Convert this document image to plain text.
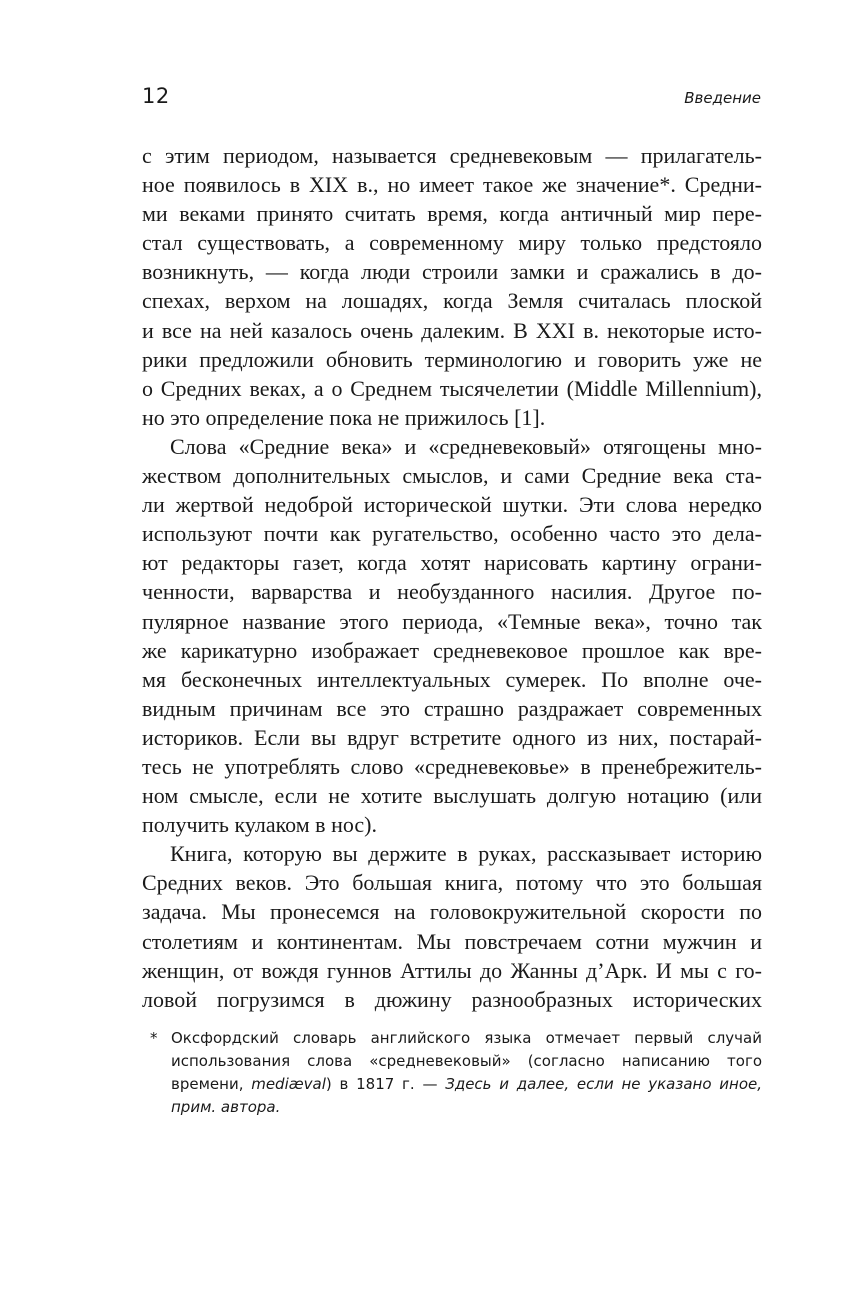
12	Введение
с этим периодом, называется средневековым — прилагатель-
ное появилось в XIX в., но имеет такое же значение*. Средни-
ми веками принято считать время, когда античный мир пере-
стал существовать, а современному миру только предстояло
возникнуть, — когда люди строили замки и сражались в до-
спехах, верхом на лошадях, когда Земля считалась плоской
и все на ней казалось очень далеким. В XXI в. некоторые исто-
рики предложили обновить терминологию и говорить уже не
о Средних веках, а о Среднем тысячелетии (Middle Millennium),
но это определение пока не прижилось [1].
Слова «Средние века» и «средневековый» отягощены мно-
жеством дополнительных смыслов, и сами Средние века ста-
ли жертвой недоброй исторической шутки. Эти слова нередко
используют почти как ругательство, особенно часто это дела-
ют редакторы газет, когда хотят нарисовать картину ограни-
ченности, варварства и необузданного насилия. Другое по-
пулярное название этого периода, «Темные века», точно так
же карикатурно изображает средневековое прошлое как вре-
мя бесконечных интеллектуальных сумерек. По вполне оче-
видным причинам все это страшно раздражает современных
историков. Если вы вдруг встретите одного из них, постарай-
тесь не употреблять слово «средневековье» в пренебрежитель-
ном смысле, если не хотите выслушать долгую нотацию (или
получить кулаком в нос).
Книга, которую вы держите в руках, рассказывает историю
Средних веков. Это большая книга, потому что это большая
задача. Мы пронесемся на головокружительной скорости по
столетиям и континентам. Мы повстречаем сотни мужчин и
женщин, от вождя гуннов Аттилы до Жанны д’Арк. И мы с го-
ловой погрузимся в дюжину разнообразных исторических
* Оксфордский словарь английского языка отмечает первый случай
использования слова «средневековый» (согласно написанию того
времени, mediæval) в 1817 г. — Здесь и далее, если не указано иное,
прим. автора.
